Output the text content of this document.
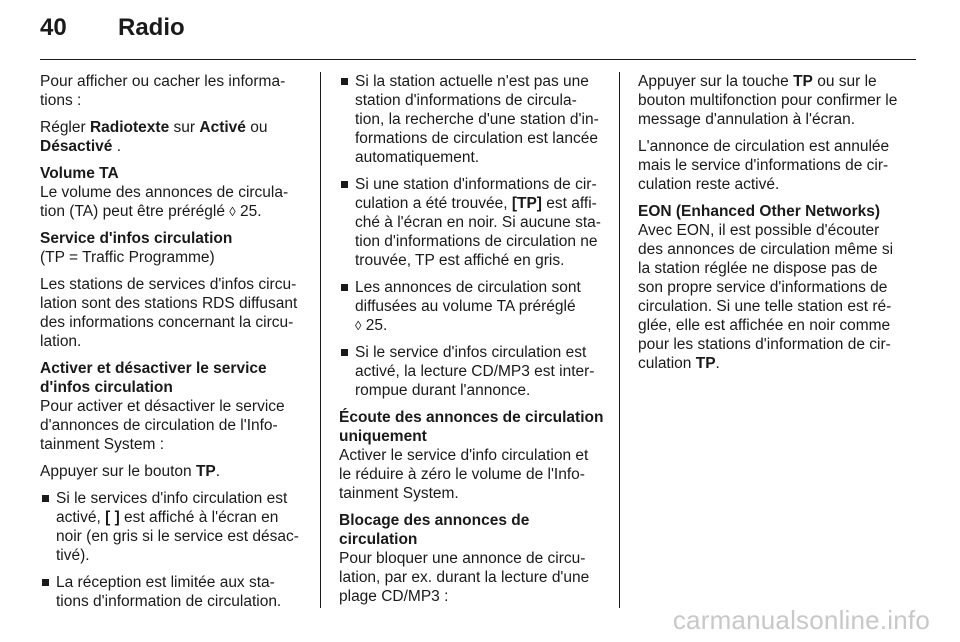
40 Radio

Pour afficher ou cacher les informa-tions :

Régler Radiotexte sur Activé ou Désactivé .

Volume TA
Le volume des annonces de circula-tion (TA) peut être préréglé ◊ 25.

Service d'infos circulation
(TP = Traffic Programme)

Les stations de services d'infos circu-lation sont des stations RDS diffusant des informations concernant la circu-lation.

Activer et désactiver le service d'infos circulation
Pour activer et désactiver le service d'annonces de circulation de l'Info-tainment System :

Appuyer sur le bouton TP.

Si le services d'info circulation est activé, [ ] est affiché à l'écran en noir (en gris si le service est désac-tivé).
La réception est limitée aux sta-tions d'information de circulation.
Si la station actuelle n'est pas une station d'informations de circula-tion, la recherche d'une station d'in-formations de circulation est lancée automatiquement.
Si une station d'informations de cir-culation a été trouvée, [TP] est affi-ché à l'écran en noir. Si aucune sta-tion d'informations de circulation ne trouvée, TP est affiché en gris.
Les annonces de circulation sont diffusées au volume TA préréglé
◊ 25.
Si le service d'infos circulation est activé, la lecture CD/MP3 est inter-rompue durant l'annonce.

Écoute des annonces de circulation uniquement
Activer le service d'info circulation et le réduire à zéro le volume de l'Info-tainment System.

Blocage des annonces de circulation
Pour bloquer une annonce de circu-lation, par ex. durant la lecture d'une plage CD/MP3 :

Appuyer sur la touche TP ou sur le bouton multifonction pour confirmer le message d'annulation à l'écran.

L'annonce de circulation est annulée mais le service d'informations de cir-culation reste activé.

EON (Enhanced Other Networks)
Avec EON, il est possible d'écouter des annonces de circulation même si la station réglée ne dispose pas de son propre service d'informations de circulation. Si une telle station est ré-glée, elle est affichée en noir comme pour les stations d'information de cir-culation TP.

carmanualsonline.info
